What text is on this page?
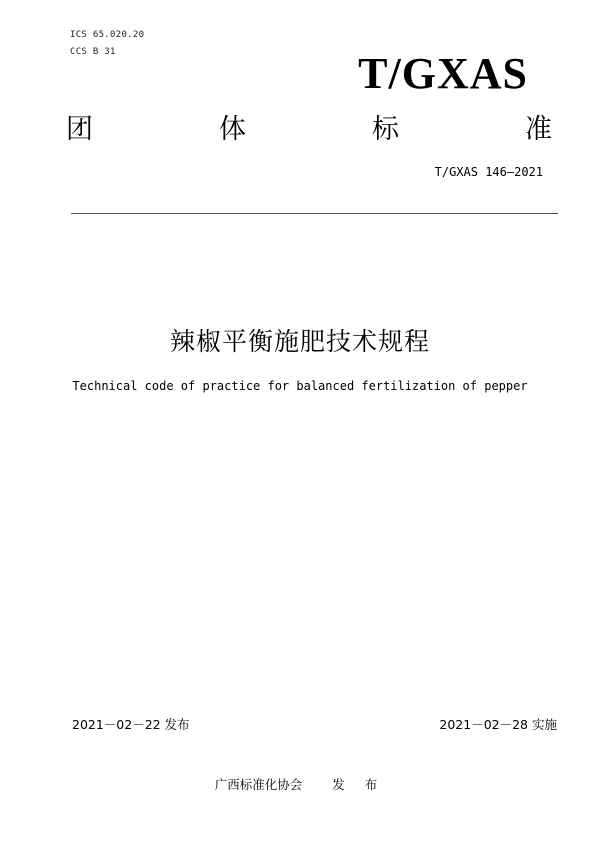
ICS 65.020.20
CCS B 31	T/GXAS
团	体	标	准
T/GXAS 146—2021
辣椒平衡施肥技术规程
Technical code of practice for balanced fertilization of pepper
2021－02－22 发布	2021－02－28 实施
广西标准化协会 发 布
